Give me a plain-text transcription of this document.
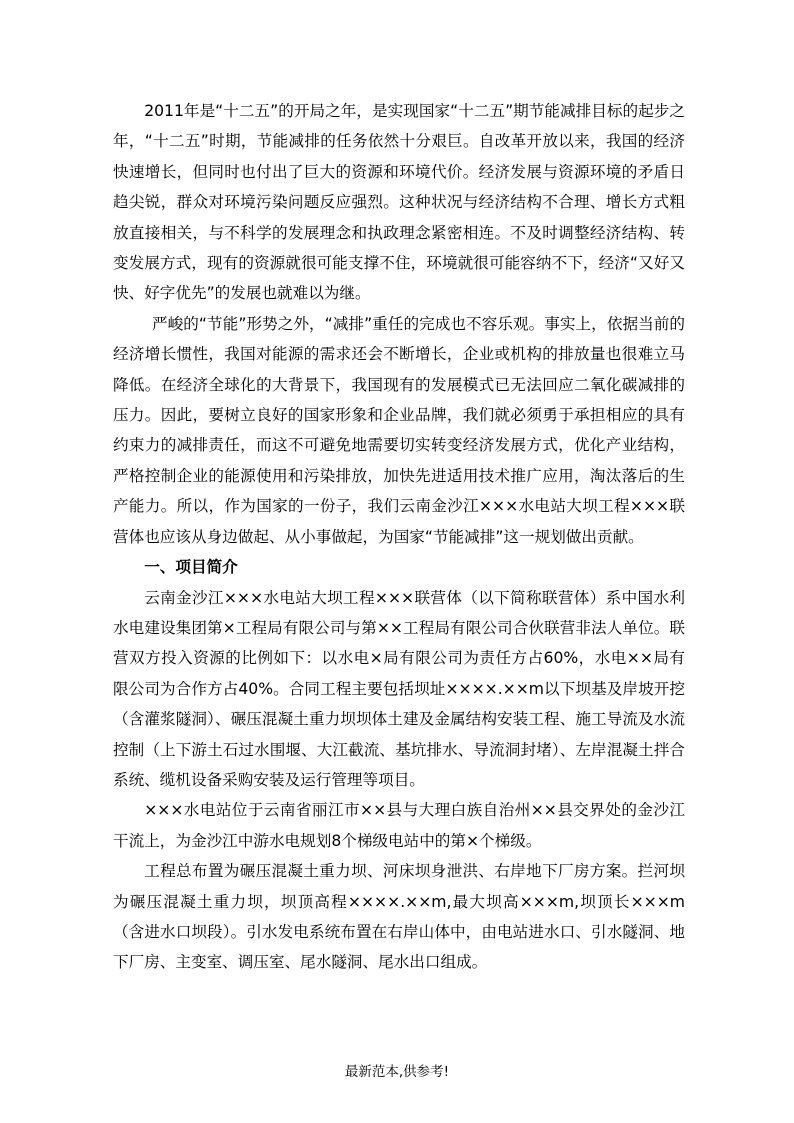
2011年是“十二五”的开局之年，是实现国家“十二五”期节能减排目标的起步之年，“十二五”时期，节能减排的任务依然十分艰巨。自改革开放以来，我国的经济快速增长，但同时也付出了巨大的资源和环境代价。经济发展与资源环境的矛盾日趋尖锐，群众对环境污染问题反应强烈。这种状况与经济结构不合理、增长方式粗放直接相关，与不科学的发展理念和执政理念紧密相连。不及时调整经济结构、转变发展方式，现有的资源就很可能支撑不住，环境就很可能容纳不下，经济“又好又快、好字优先”的发展也就难以为继。

严峻的“节能”形势之外，“减排”重任的完成也不容乐观。事实上，依据当前的经济增长惯性，我国对能源的需求还会不断增长，企业或机构的排放量也很难立马降低。在经济全球化的大背景下，我国现有的发展模式已无法回应二氧化碳减排的压力。因此，要树立良好的国家形象和企业品牌，我们就必须勇于承担相应的具有约束力的减排责任，而这不可避免地需要切实转变经济发展方式，优化产业结构，严格控制企业的能源使用和污染排放，加快先进适用技术推广应用，淘汰落后的生产能力。所以，作为国家的一份子，我们云南金沙江×××水电站大坝工程×××联营体也应该从身边做起、从小事做起，为国家“节能减排”这一规划做出贡献。

一、项目简介

云南金沙江×××水电站大坝工程×××联营体（以下简称联营体）系中国水利水电建设集团第×工程局有限公司与第××工程局有限公司合伙联营非法人单位。联营双方投入资源的比例如下：以水电×局有限公司为责任方占60%，水电××局有限公司为合作方占40%。合同工程主要包括坝址××××.××m以下坝基及岸坡开挖（含灌浆隧洞）、碾压混凝土重力坝坝体土建及金属结构安装工程、施工导流及水流控制（上下游土石过水围堰、大江截流、基坑排水、导流洞封堵）、左岸混凝土拌合系统、缆机设备采购安装及运行管理等项目。

×××水电站位于云南省丽江市××县与大理白族自治州××县交界处的金沙江干流上，为金沙江中游水电规划8个梯级电站中的第×个梯级。

工程总布置为碾压混凝土重力坝、河床坝身泄洪、右岸地下厂房方案。拦河坝为碾压混凝土重力坝，坝顶高程××××.××m,最大坝高×××m,坝顶长×××m（含进水口坝段）。引水发电系统布置在右岸山体中，由电站进水口、引水隧洞、地下厂房、主变室、调压室、尾水隧洞、尾水出口组成。

最新范本,供参考!
